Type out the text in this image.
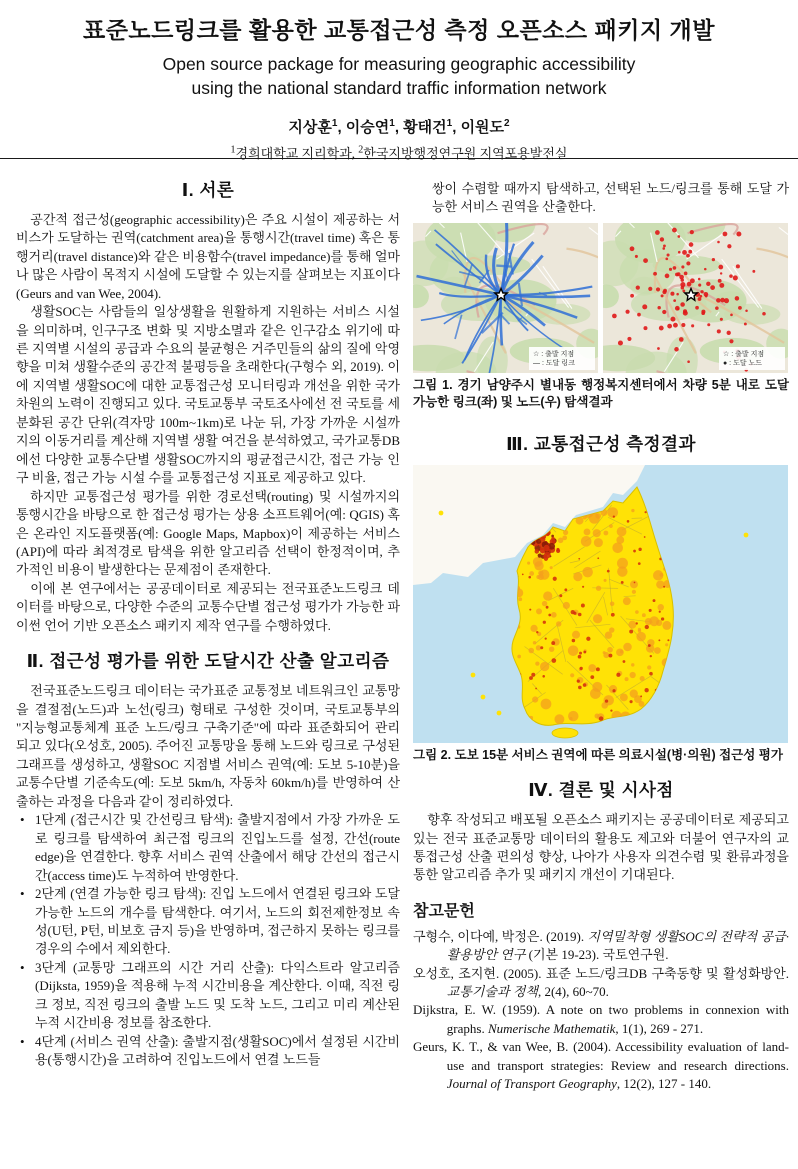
표준노드링크를 활용한 교통접근성 측정 오픈소스 패키지 개발
Open source package for measuring geographic accessibility
using the national standard traffic information network
지상훈$^1$, 이승연$^1$, 황태건$^1$, 이원도$^2$
$^1$경희대학교 지리학과, $^2$한국지방행정연구원 지역포용발전실
Ⅰ. 서론

공간적 접근성(geographic accessibility)은 주요 시설이 제공하는 서비스가 도달하는 권역(catchment area)을 통행시간(travel time) 혹은 통행거리(travel distance)와 같은 비용함수(travel impedance)를 통해 얼마나 많은 사람이 목적지 시설에 도달할 수 있는지를 살펴보는 지표이다(Geurs and van Wee, 2004).

생활SOC는 사람들의 일상생활을 원활하게 지원하는 서비스 시설을 의미하며, 인구구조 변화 및 지방소멸과 같은 인구감소 위기에 따른 지역별 시설의 공급과 수요의 불균형은 거주민들의 삶의 질에 악영향을 미쳐 생활수준의 공간적 불평등을 초래한다(구형수 외, 2019). 이에 지역별 생활SOC에 대한 교통접근성 모니터링과 개선을 위한 국가 차원의 노력이 진행되고 있다. 국토교통부 국토조사에선 전 국토를 세분화된 공간 단위(격자망 100m~1km)로 나눈 뒤, 가장 가까운 시설까지의 이동거리를 계산해 지역별 생활 여건을 분석하였고, 국가교통DB에선 다양한 교통수단별 생활SOC까지의 평균접근시간, 접근 가능 인구 비율, 접근 가능 시설 수를 교통접근성 지표로 제공하고 있다.

하지만 교통접근성 평가를 위한 경로선택(routing) 및 시설까지의 통행시간을 바탕으로 한 접근성 평가는 상용 소프트웨어(예: QGIS) 혹은 온라인 지도플랫폼(예: Google Maps, Mapbox)이 제공하는 서비스(API)에 따라 최적경로 탐색을 위한 알고리즘 선택이 한정적이며, 추가적인 비용이 발생한다는 문제점이 존재한다.

이에 본 연구에서는 공공데이터로 제공되는 전국표준노드링크 데이터를 바탕으로, 다양한 수준의 교통수단별 접근성 평가가 가능한 파이썬 언어 기반 오픈소스 패키지 제작 연구를 수행하였다.

Ⅱ. 접근성 평가를 위한 도달시간 산출 알고리즘

전국표준노드링크 데이터는 국가표준 교통정보 네트워크인 교통망을 결절점(노드)과 노선(링크) 형태로 구성한 것이며, 국토교통부의 "지능형교통체계 표준 노드/링크 구축기준"에 따라 표준화되어 관리되고 있다(오성호, 2005). 주어진 교통망을 통해 노드와 링크로 구성된 그래프를 생성하고, 생활SOC 지점별 서비스 권역(예: 도보 5-10분)을 교통수단별 기준속도(예: 도보 5km/h, 자동차 60km/h)를 반영하여 산출하는 과정을 다음과 같이 정리하였다.

• 1단계 (접근시간 및 간선링크 탐색): 출발지점에서 가장 가까운 도로 링크를 탐색하여 최근접 링크의 진입노드를 설정, 간선(route edge)을 연결한다. 향후 서비스 권역 산출에서 해당 간선의 접근시간(access time)도 누적하여 반영한다.
• 2단계 (연결 가능한 링크 탐색): 진입 노드에서 연결된 링크와 도달 가능한 노드의 개수를 탐색한다. 여기서, 노드의 회전제한정보 속성(U턴, P턴, 비보호 금지 등)을 반영하며, 접근하지 못하는 링크를 경우의 수에서 제외한다.
• 3단계 (교통망 그래프의 시간 거리 산출): 다익스트라 알고리즘(Dijksta, 1959)을 적용해 누적 시간비용을 계산한다. 이때, 직전 링크 정보, 직전 링크의 출발 노드 및 도착 노드, 그리고 미리 계산된 누적 시간비용 정보를 참조한다.
• 4단계 (서비스 권역 산출): 출발지점(생활SOC)에서 설정된 시간비용(통행시간)을 고려하여 진입노드에서 연결 노드들

쌍이 수렴할 때까지 탐색하고, 선택된 노드/링크를 통해 도달 가능한 서비스 권역을 산출한다.

☆ : 출발 지점
— : 도달 링크
☆ : 출발 지점
● : 도달 노드
그림 1. 경기 남양주시 별내동 행정복지센터에서 차량 5분 내로 도달 가능한 링크(좌) 및 노드(우) 탐색결과
Ⅲ. 교통접근성 측정결과
그림 2. 도보 15분 서비스 권역에 따른 의료시설(병·의원) 접근성 평가
Ⅳ. 결론 및 시사점

향후 작성되고 배포될 오픈소스 패키지는 공공데이터로 제공되고 있는 전국 표준교통망 데이터의 활용도 제고와 더불어 연구자의 교통접근성 산출 편의성 향상, 나아가 사용자 의견수렴 및 환류과정을 통한 알고리즘 추가 및 패키지 개선이 기대된다.

참고문헌

구형수, 이다예, 박정은. (2019). 지역밀착형 생활SOC의 전략적 공급·활용방안 연구 (기본 19-23). 국토연구원.

오성호, 조지현. (2005). 표준 노드/링크DB 구축동향 및 활성화방안. 교통기술과 정책, 2(4), 60~70.

Dijkstra, E. W. (1959). A note on two problems in connexion with graphs. Numerische Mathematik, 1(1), 269 - 271.

Geurs, K. T., & van Wee, B. (2004). Accessibility evaluation of land-use and transport strategies: Review and research directions. Journal of Transport Geography, 12(2), 127 - 140.
